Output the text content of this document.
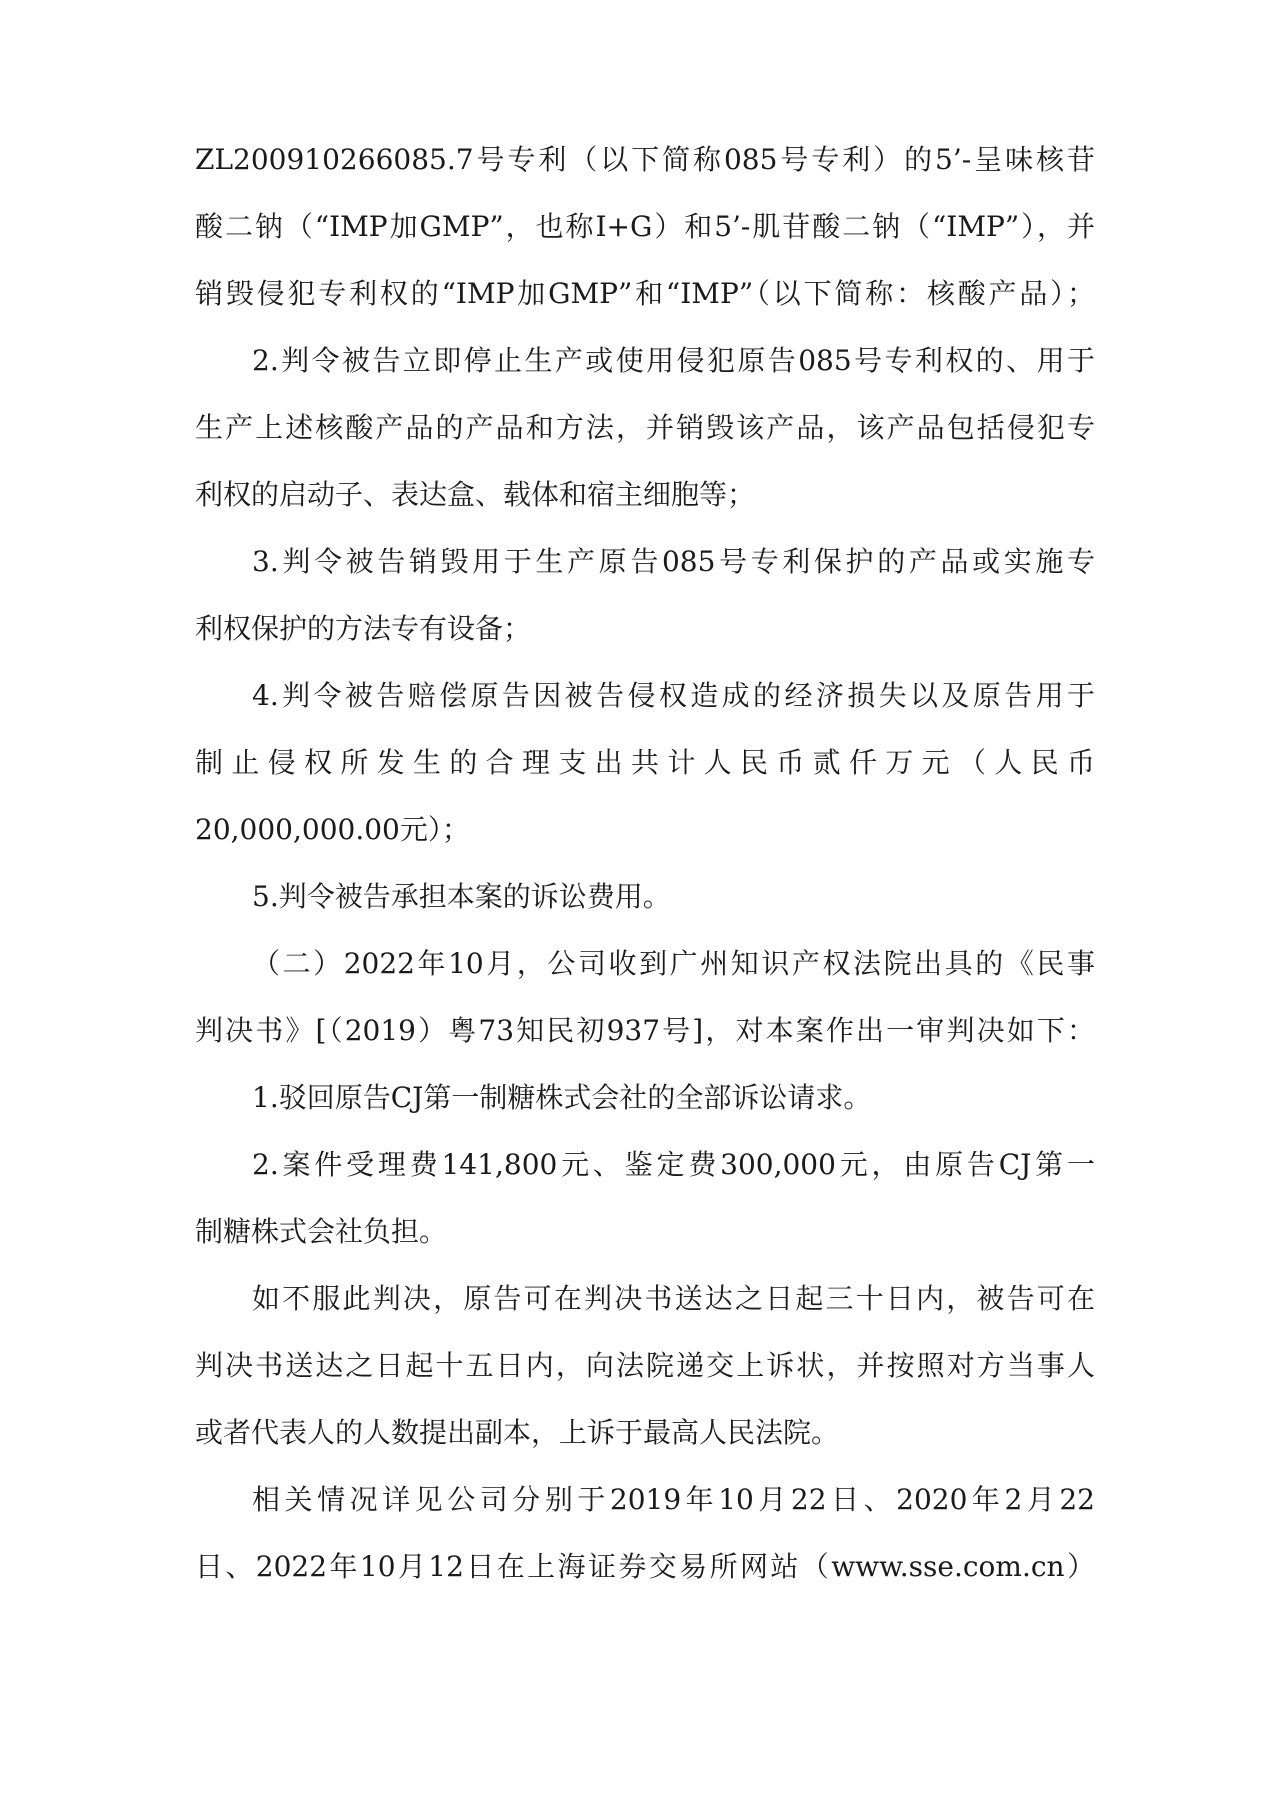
ZL200910266085.7号专利（以下简称085号专利）的5’-呈味核苷
酸二钠（“IMP加GMP”，也称I+G）和5’-肌苷酸二钠（“IMP”），并
销毁侵犯专利权的“IMP加GMP”和“IMP”（以下简称：核酸产品）；
2.判令被告立即停止生产或使用侵犯原告085号专利权的、用于
生产上述核酸产品的产品和方法，并销毁该产品，该产品包括侵犯专
利权的启动子、表达盒、载体和宿主细胞等；
3.判令被告销毁用于生产原告085号专利保护的产品或实施专
利权保护的方法专有设备；
4.判令被告赔偿原告因被告侵权造成的经济损失以及原告用于
制止侵权所发生的合理支出共计人民币贰仟万元（人民币
20,000,000.00元）；
5.判令被告承担本案的诉讼费用。
（二）2022年10月，公司收到广州知识产权法院出具的《民事
判决书》[（2019）粤73知民初937号]，对本案作出一审判决如下：
1.驳回原告CJ第一制糖株式会社的全部诉讼请求。
2.案件受理费141,800元、鉴定费300,000元，由原告CJ第一
制糖株式会社负担。
如不服此判决，原告可在判决书送达之日起三十日内，被告可在
判决书送达之日起十五日内，向法院递交上诉状，并按照对方当事人
或者代表人的人数提出副本，上诉于最高人民法院。
相关情况详见公司分别于2019年10月22日、2020年2月22
日、2022年10月12日在上海证券交易所网站（www.sse.com.cn）
